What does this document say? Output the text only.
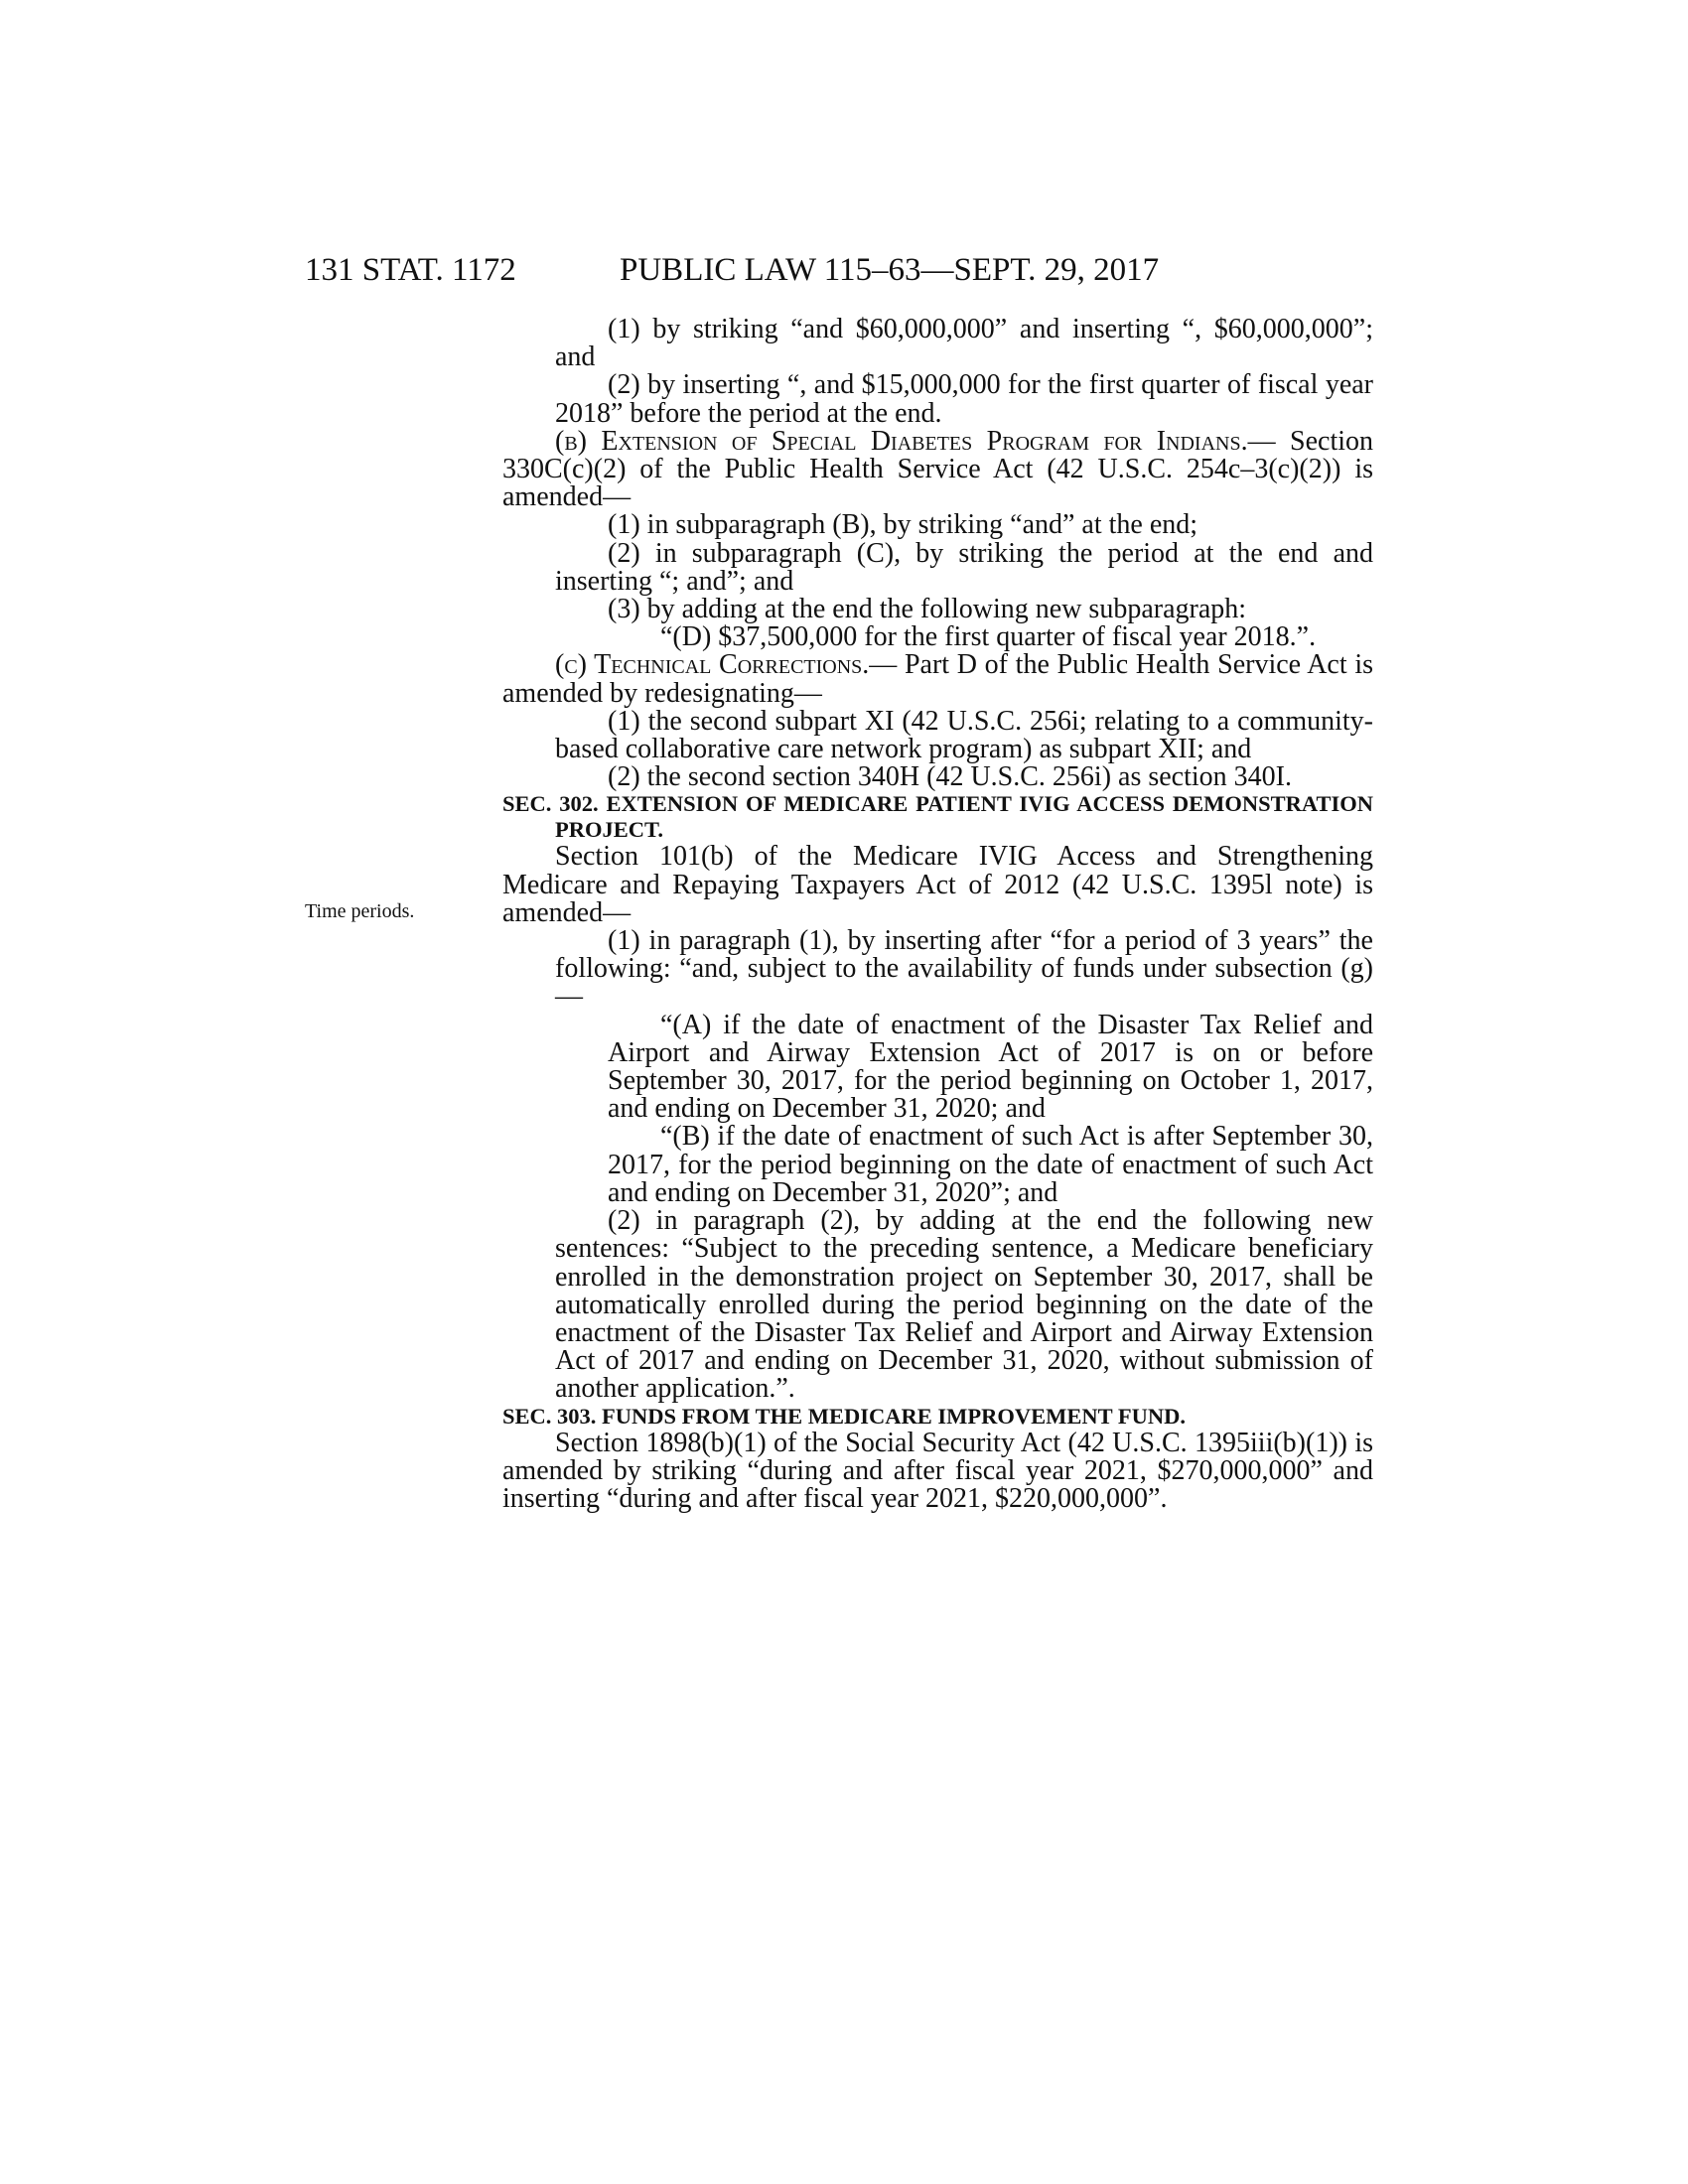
131 STAT. 1172	PUBLIC LAW 115–63—SEPT. 29, 2017
Time periods.

(1) by striking “and $60,000,000” and inserting “, $60,000,000”; and

(2) by inserting “, and $15,000,000 for the first quarter of fiscal year 2018” before the period at the end.

(b) Extension of Special Diabetes Program for Indians.— Section 330C(c)(2) of the Public Health Service Act (42 U.S.C. 254c–3(c)(2)) is amended—

(1) in subparagraph (B), by striking “and” at the end;

(2) in subparagraph (C), by striking the period at the end and inserting “; and”; and

(3) by adding at the end the following new subparagraph:

“(D) $37,500,000 for the first quarter of fiscal year 2018.”.

(c) Technical Corrections.— Part D of the Public Health Service Act is amended by redesignating—

(1) the second subpart XI (42 U.S.C. 256i; relating to a community-based collaborative care network program) as subpart XII; and

(2) the second section 340H (42 U.S.C. 256i) as section 340I.

SEC. 302. EXTENSION OF MEDICARE PATIENT IVIG ACCESS DEMONSTRATION PROJECT.

Section 101(b) of the Medicare IVIG Access and Strengthening Medicare and Repaying Taxpayers Act of 2012 (42 U.S.C. 1395l note) is amended—

(1) in paragraph (1), by inserting after “for a period of 3 years” the following: “and, subject to the availability of funds under subsection (g)—

“(A) if the date of enactment of the Disaster Tax Relief and Airport and Airway Extension Act of 2017 is on or before September 30, 2017, for the period beginning on October 1, 2017, and ending on December 31, 2020; and

“(B) if the date of enactment of such Act is after September 30, 2017, for the period beginning on the date of enactment of such Act and ending on December 31, 2020”; and

(2) in paragraph (2), by adding at the end the following new sentences: “Subject to the preceding sentence, a Medicare beneficiary enrolled in the demonstration project on September 30, 2017, shall be automatically enrolled during the period beginning on the date of the enactment of the Disaster Tax Relief and Airport and Airway Extension Act of 2017 and ending on December 31, 2020, without submission of another application.”.

SEC. 303. FUNDS FROM THE MEDICARE IMPROVEMENT FUND.

Section 1898(b)(1) of the Social Security Act (42 U.S.C. 1395iii(b)(1)) is amended by striking “during and after fiscal year 2021, $270,000,000” and inserting “during and after fiscal year 2021, $220,000,000”.
